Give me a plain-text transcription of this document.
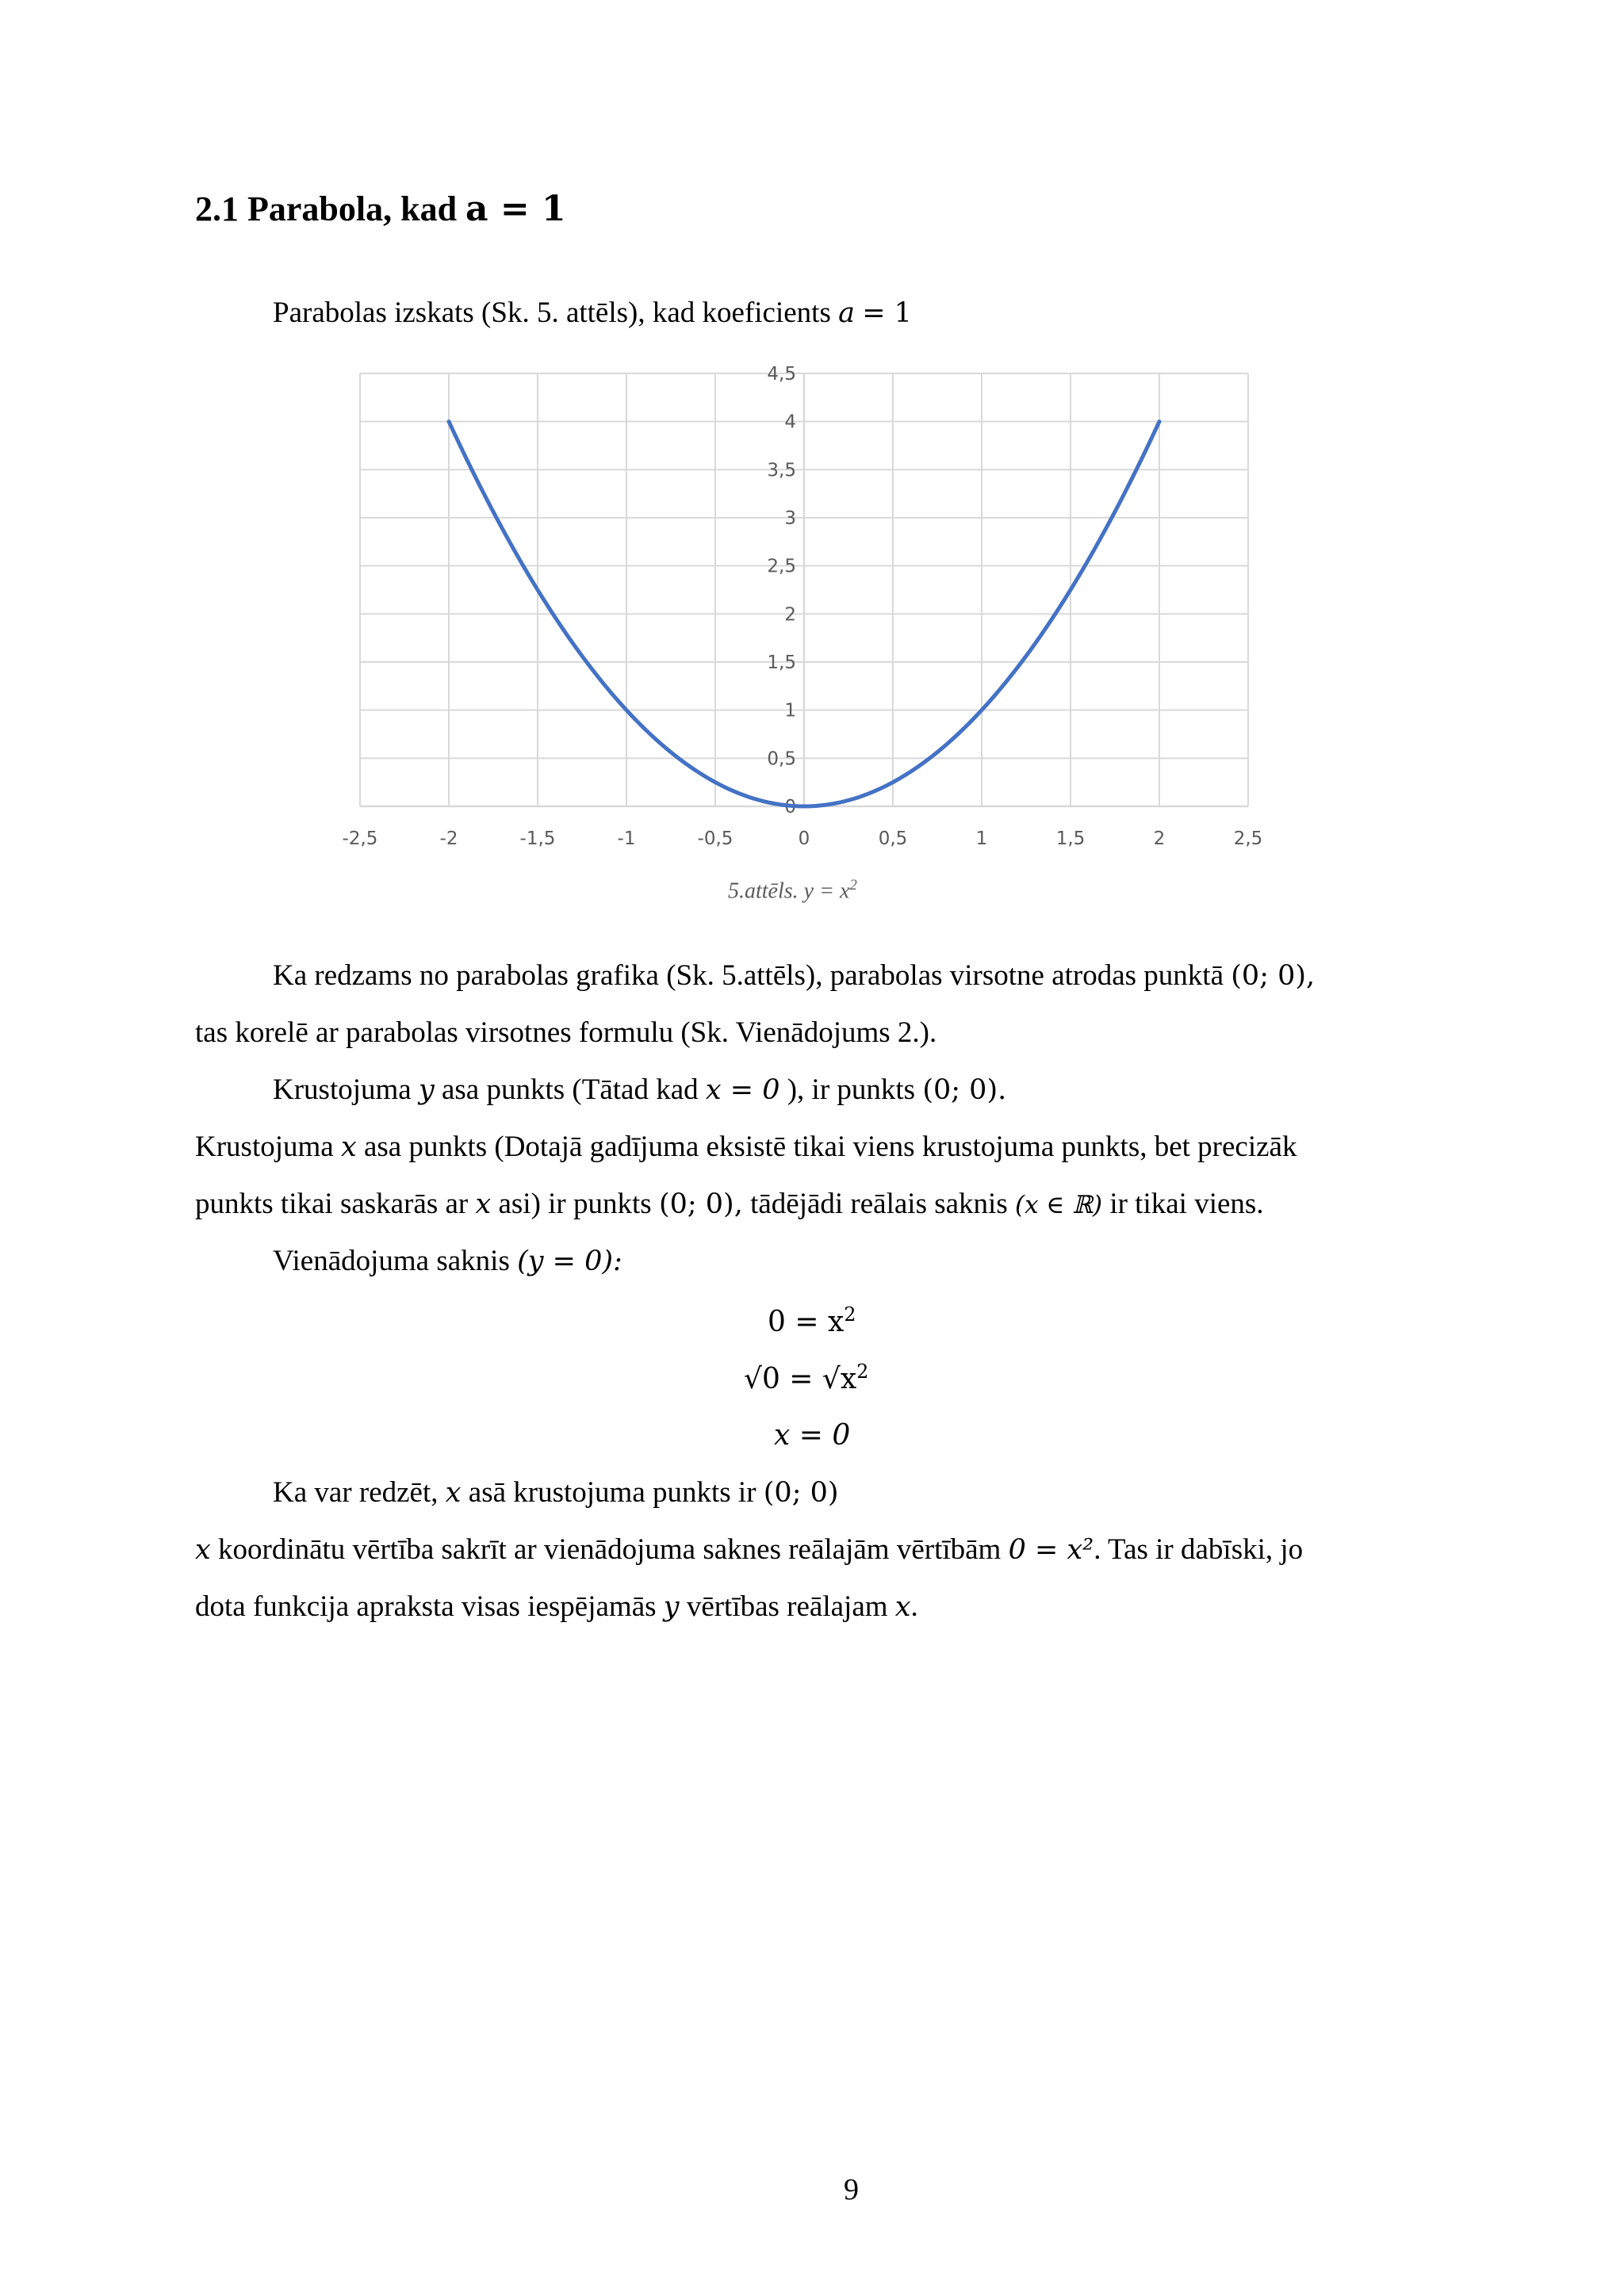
2.1 Parabola, kad a = 1
Parabolas izskats (Sk. 5. attēls), kad koeficients a = 1
0
0,5
1
1,5
2
2,5
3
3,5
4
4,5
-2,5	-2	-1,5	-1	-0,5	0	0,5	1	1,5	2	2,5
5.attēls. $y = x^2$
Ka redzams no parabolas grafika (Sk. 5.attēls), parabolas virsotne atrodas punktā (0; 0),
tas korelē ar parabolas virsotnes formulu (Sk. Vienādojums 2.).
Krustojuma y asa punkts (Tātad kad x = 0 ), ir punkts (0; 0).
Krustojuma x asa punkts (Dotajā gadījuma eksistē tikai viens krustojuma punkts, bet precizāk
punkts tikai saskarās ar x asi) ir punkts (0; 0), tādējādi reālais saknis (x ∈ ℝ) ir tikai viens.
Vienādojuma saknis (y = 0):
$0 = x^2$
$√0 = √x^2$
x = 0
Ka var redzēt, x asā krustojuma punkts ir (0; 0)
x koordinātu vērtība sakrīt ar vienādojuma saknes reālajām vērtībām 0 = x². Tas ir dabīski, jo
dota funkcija apraksta visas iespējamās y vērtības reālajam x.
9
